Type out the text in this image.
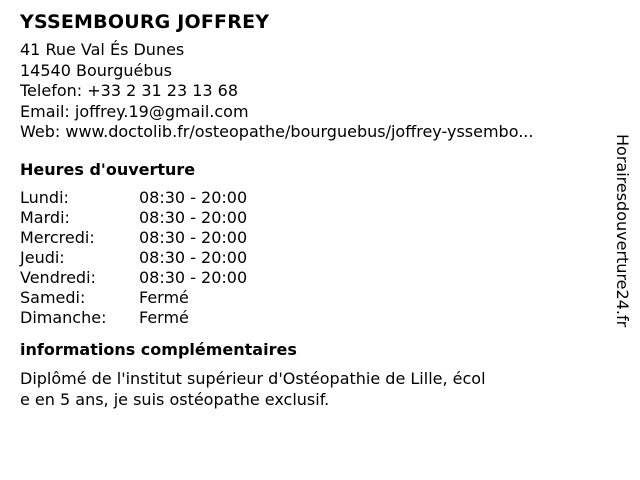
YSSEMBOURG JOFFREY
41 Rue Val És Dunes
14540 Bourguébus
Telefon: +33 2 31 23 13 68
Email: joffrey.19@gmail.com
Web: www.doctolib.fr/osteopathe/bourguebus/joffrey-yssembo...
Heures d'ouverture
Lundi:	08:30 - 20:00
Mardi:	08:30 - 20:00
Mercredi:	08:30 - 20:00
Jeudi:	08:30 - 20:00
Vendredi:	08:30 - 20:00
Samedi:	Fermé
Dimanche:	Fermé
informations complémentaires
Diplômé de l'institut supérieur d'Ostéopathie de Lille, écol
e en 5 ans, je suis ostéopathe exclusif.
Horairesdouverture24.fr
